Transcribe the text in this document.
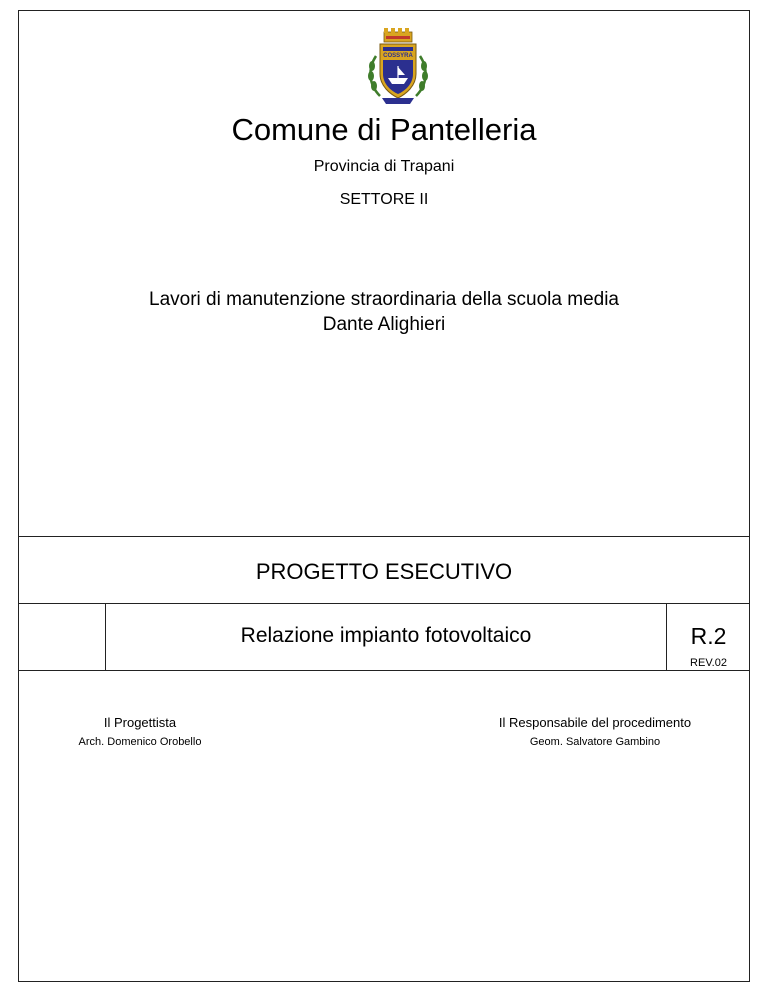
COSSYRA
Comune di Pantelleria
Provincia di Trapani
SETTORE II
Lavori di manutenzione straordinaria della scuola media
Dante Alighieri
PROGETTO ESECUTIVO
Relazione impianto fotovoltaico	R.2
REV.02
Il Progettista
Arch. Domenico Orobello
Il Responsabile del procedimento
Geom. Salvatore Gambino
